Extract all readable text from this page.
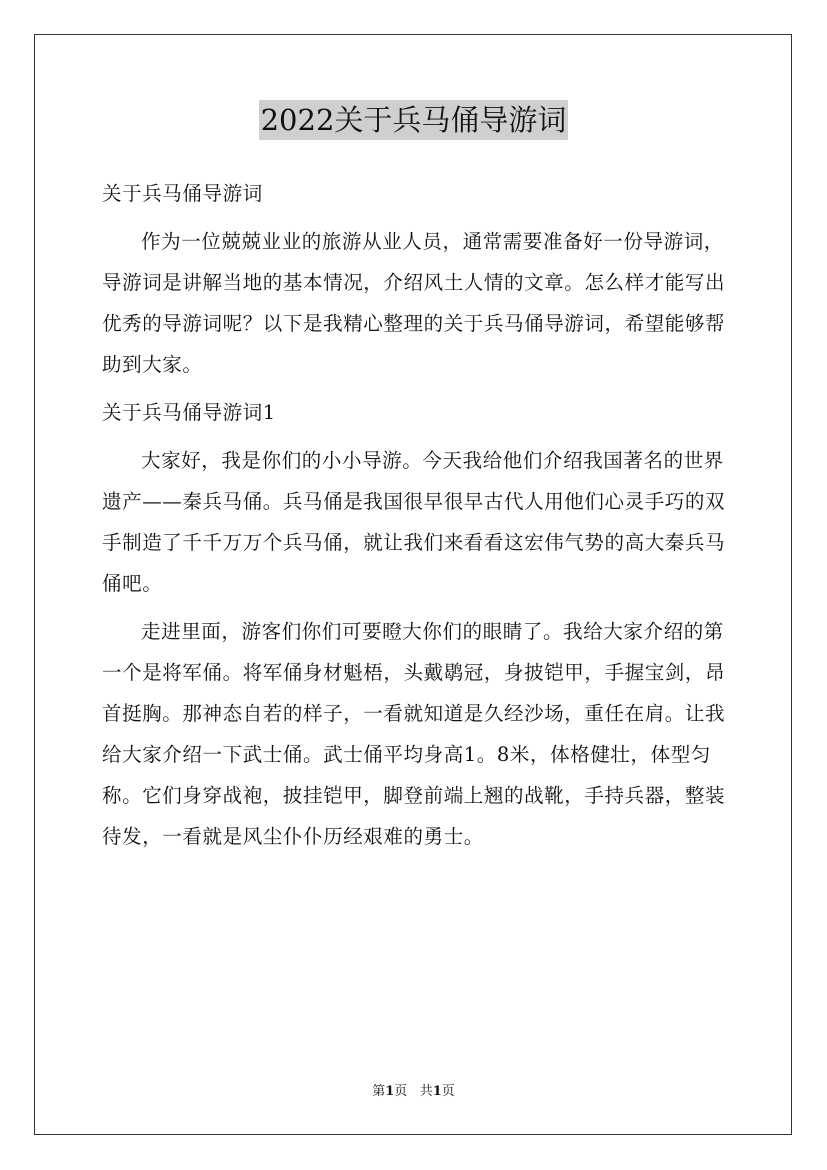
2022关于兵马俑导游词

关于兵马俑导游词

作为一位兢兢业业的旅游从业人员，通常需要准备好一份导游词，导游词是讲解当地的基本情况，介绍风土人情的文章。怎么样才能写出优秀的导游词呢？以下是我精心整理的关于兵马俑导游词，希望能够帮助到大家。

关于兵马俑导游词1

大家好，我是你们的小小导游。今天我给他们介绍我国著名的世界遗产——秦兵马俑。兵马俑是我国很早很早古代人用他们心灵手巧的双手制造了千千万万个兵马俑，就让我们来看看这宏伟气势的高大秦兵马俑吧。

走进里面，游客们你们可要瞪大你们的眼睛了。我给大家介绍的第一个是将军俑。将军俑身材魁梧，头戴鹖冠，身披铠甲，手握宝剑，昂首挺胸。那神态自若的样子，一看就知道是久经沙场，重任在肩。让我给大家介绍一下武士俑。武士俑平均身高1。8米，体格健壮，体型匀称。它们身穿战袍，披挂铠甲，脚登前端上翘的战靴，手持兵器，整装待发，一看就是风尘仆仆历经艰难的勇士。

第1页 共1页
